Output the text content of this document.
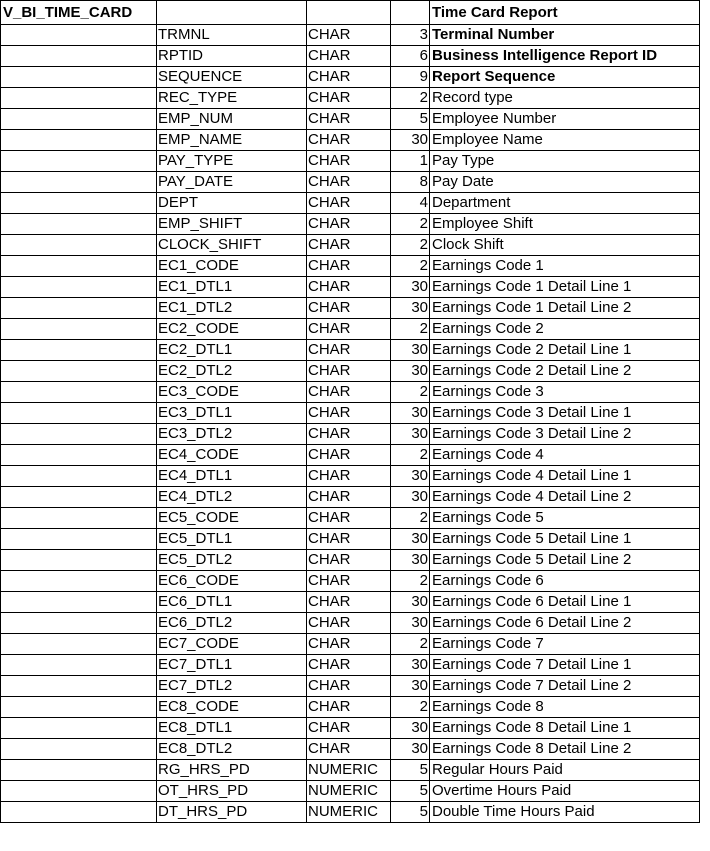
V_BI_TIME_CARD				Time Card Report
	TRMNL	CHAR	3	Terminal Number
	RPTID	CHAR	6	Business Intelligence Report ID
	SEQUENCE	CHAR	9	Report Sequence
	REC_TYPE	CHAR	2	Record type
	EMP_NUM	CHAR	5	Employee Number
	EMP_NAME	CHAR	30	Employee Name
	PAY_TYPE	CHAR	1	Pay Type
	PAY_DATE	CHAR	8	Pay Date
	DEPT	CHAR	4	Department
	EMP_SHIFT	CHAR	2	Employee Shift
	CLOCK_SHIFT	CHAR	2	Clock Shift
	EC1_CODE	CHAR	2	Earnings Code 1
	EC1_DTL1	CHAR	30	Earnings Code 1 Detail Line 1
	EC1_DTL2	CHAR	30	Earnings Code 1 Detail Line 2
	EC2_CODE	CHAR	2	Earnings Code 2
	EC2_DTL1	CHAR	30	Earnings Code 2 Detail Line 1
	EC2_DTL2	CHAR	30	Earnings Code 2 Detail Line 2
	EC3_CODE	CHAR	2	Earnings Code 3
	EC3_DTL1	CHAR	30	Earnings Code 3 Detail Line 1
	EC3_DTL2	CHAR	30	Earnings Code 3 Detail Line 2
	EC4_CODE	CHAR	2	Earnings Code 4
	EC4_DTL1	CHAR	30	Earnings Code 4 Detail Line 1
	EC4_DTL2	CHAR	30	Earnings Code 4 Detail Line 2
	EC5_CODE	CHAR	2	Earnings Code 5
	EC5_DTL1	CHAR	30	Earnings Code 5 Detail Line 1
	EC5_DTL2	CHAR	30	Earnings Code 5 Detail Line 2
	EC6_CODE	CHAR	2	Earnings Code 6
	EC6_DTL1	CHAR	30	Earnings Code 6 Detail Line 1
	EC6_DTL2	CHAR	30	Earnings Code 6 Detail Line 2
	EC7_CODE	CHAR	2	Earnings Code 7
	EC7_DTL1	CHAR	30	Earnings Code 7 Detail Line 1
	EC7_DTL2	CHAR	30	Earnings Code 7 Detail Line 2
	EC8_CODE	CHAR	2	Earnings Code 8
	EC8_DTL1	CHAR	30	Earnings Code 8 Detail Line 1
	EC8_DTL2	CHAR	30	Earnings Code 8 Detail Line 2
	RG_HRS_PD	NUMERIC	5	Regular Hours Paid
	OT_HRS_PD	NUMERIC	5	Overtime Hours Paid
	DT_HRS_PD	NUMERIC	5	Double Time Hours Paid
